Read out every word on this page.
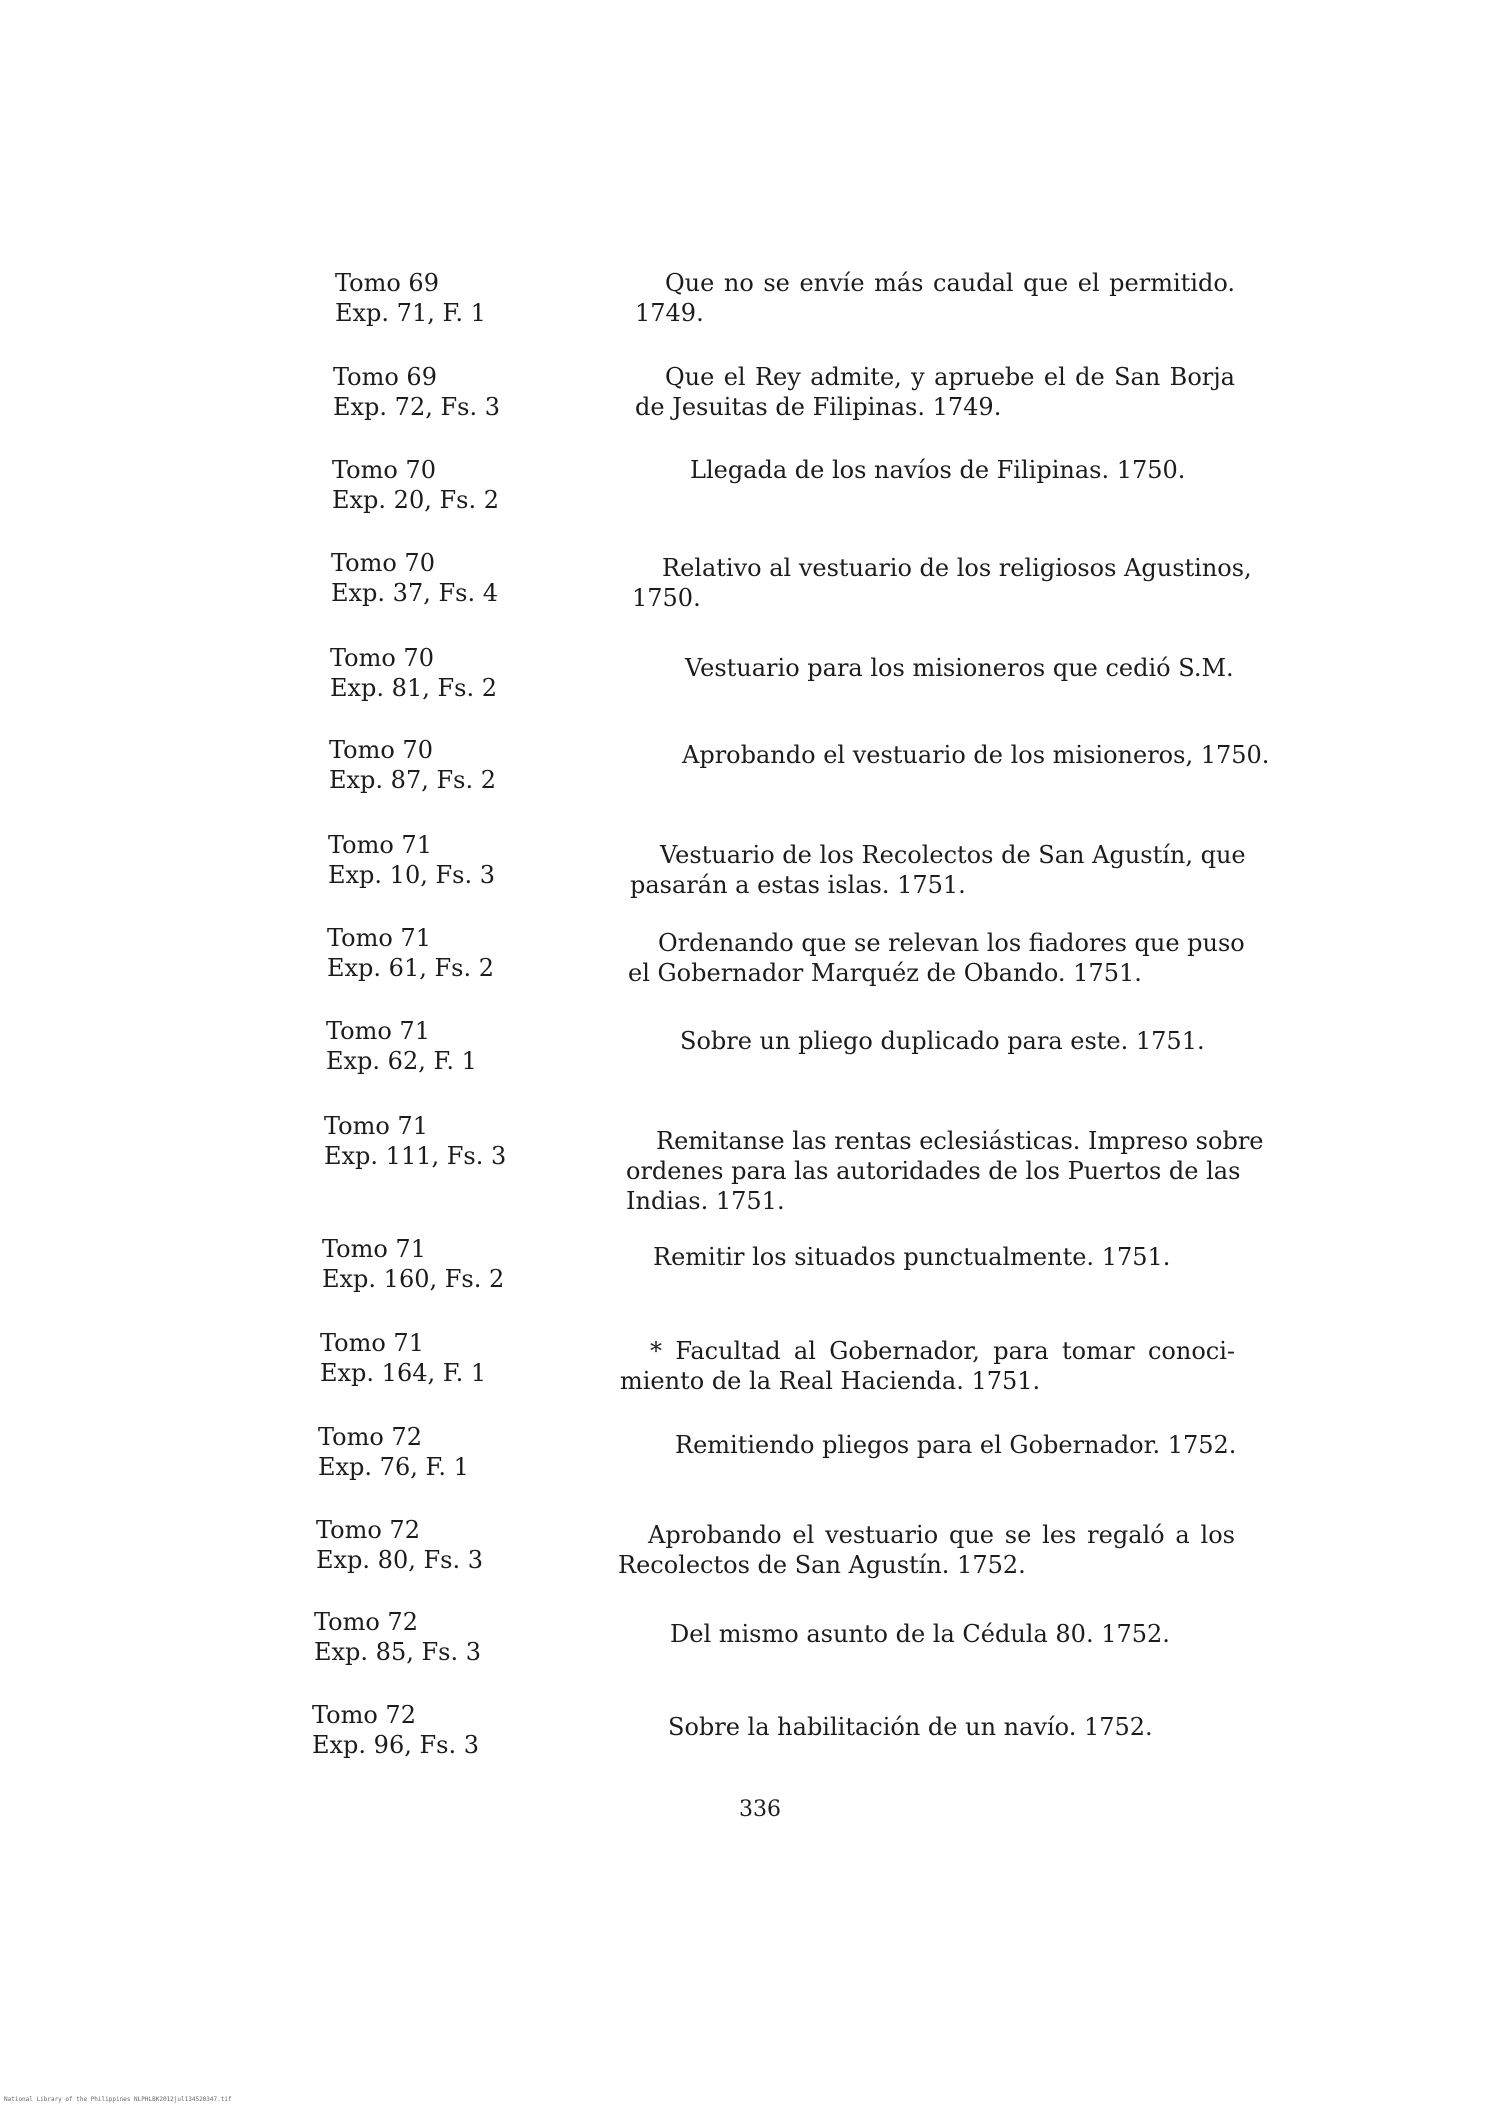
Tomo 69
Exp. 71, F. 1
Que no se envíe más caudal que el permitido.
1749.
Tomo 69
Exp. 72, Fs. 3
Que el Rey admite, y apruebe el de San Borja
de Jesuitas de Filipinas. 1749.
Tomo 70
Exp. 20, Fs. 2
Llegada de los navíos de Filipinas. 1750.
Tomo 70
Exp. 37, Fs. 4
Relativo al vestuario de los religiosos Agustinos,
1750.
Tomo 70
Exp. 81, Fs. 2
Vestuario para los misioneros que cedió S.M.
Tomo 70
Exp. 87, Fs. 2
Aprobando el vestuario de los misioneros, 1750.
Tomo 71
Exp. 10, Fs. 3
Vestuario de los Recolectos de San Agustín, que
pasarán a estas islas. 1751.
Tomo 71
Exp. 61, Fs. 2
Ordenando que se relevan los fiadores que puso
el Gobernador Marquéz de Obando. 1751.
Tomo 71
Exp. 62, F. 1
Sobre un pliego duplicado para este. 1751.
Tomo 71
Exp. 111, Fs. 3
Remitanse las rentas eclesiásticas. Impreso sobre
ordenes para las autoridades de los Puertos de las
Indias. 1751.
Tomo 71
Exp. 160, Fs. 2
Remitir los situados punctualmente. 1751.
Tomo 71
Exp. 164, F. 1
* Facultad al Gobernador, para tomar conoci-
miento de la Real Hacienda. 1751.
Tomo 72
Exp. 76, F. 1
Remitiendo pliegos para el Gobernador. 1752.
Tomo 72
Exp. 80, Fs. 3
Aprobando el vestuario que se les regaló a los
Recolectos de San Agustín. 1752.
Tomo 72
Exp. 85, Fs. 3
Del mismo asunto de la Cédula 80. 1752.
Tomo 72
Exp. 96, Fs. 3
Sobre la habilitación de un navío. 1752.
336
National Library of the Philippines NLPHLBK2012jul134520347.tif
